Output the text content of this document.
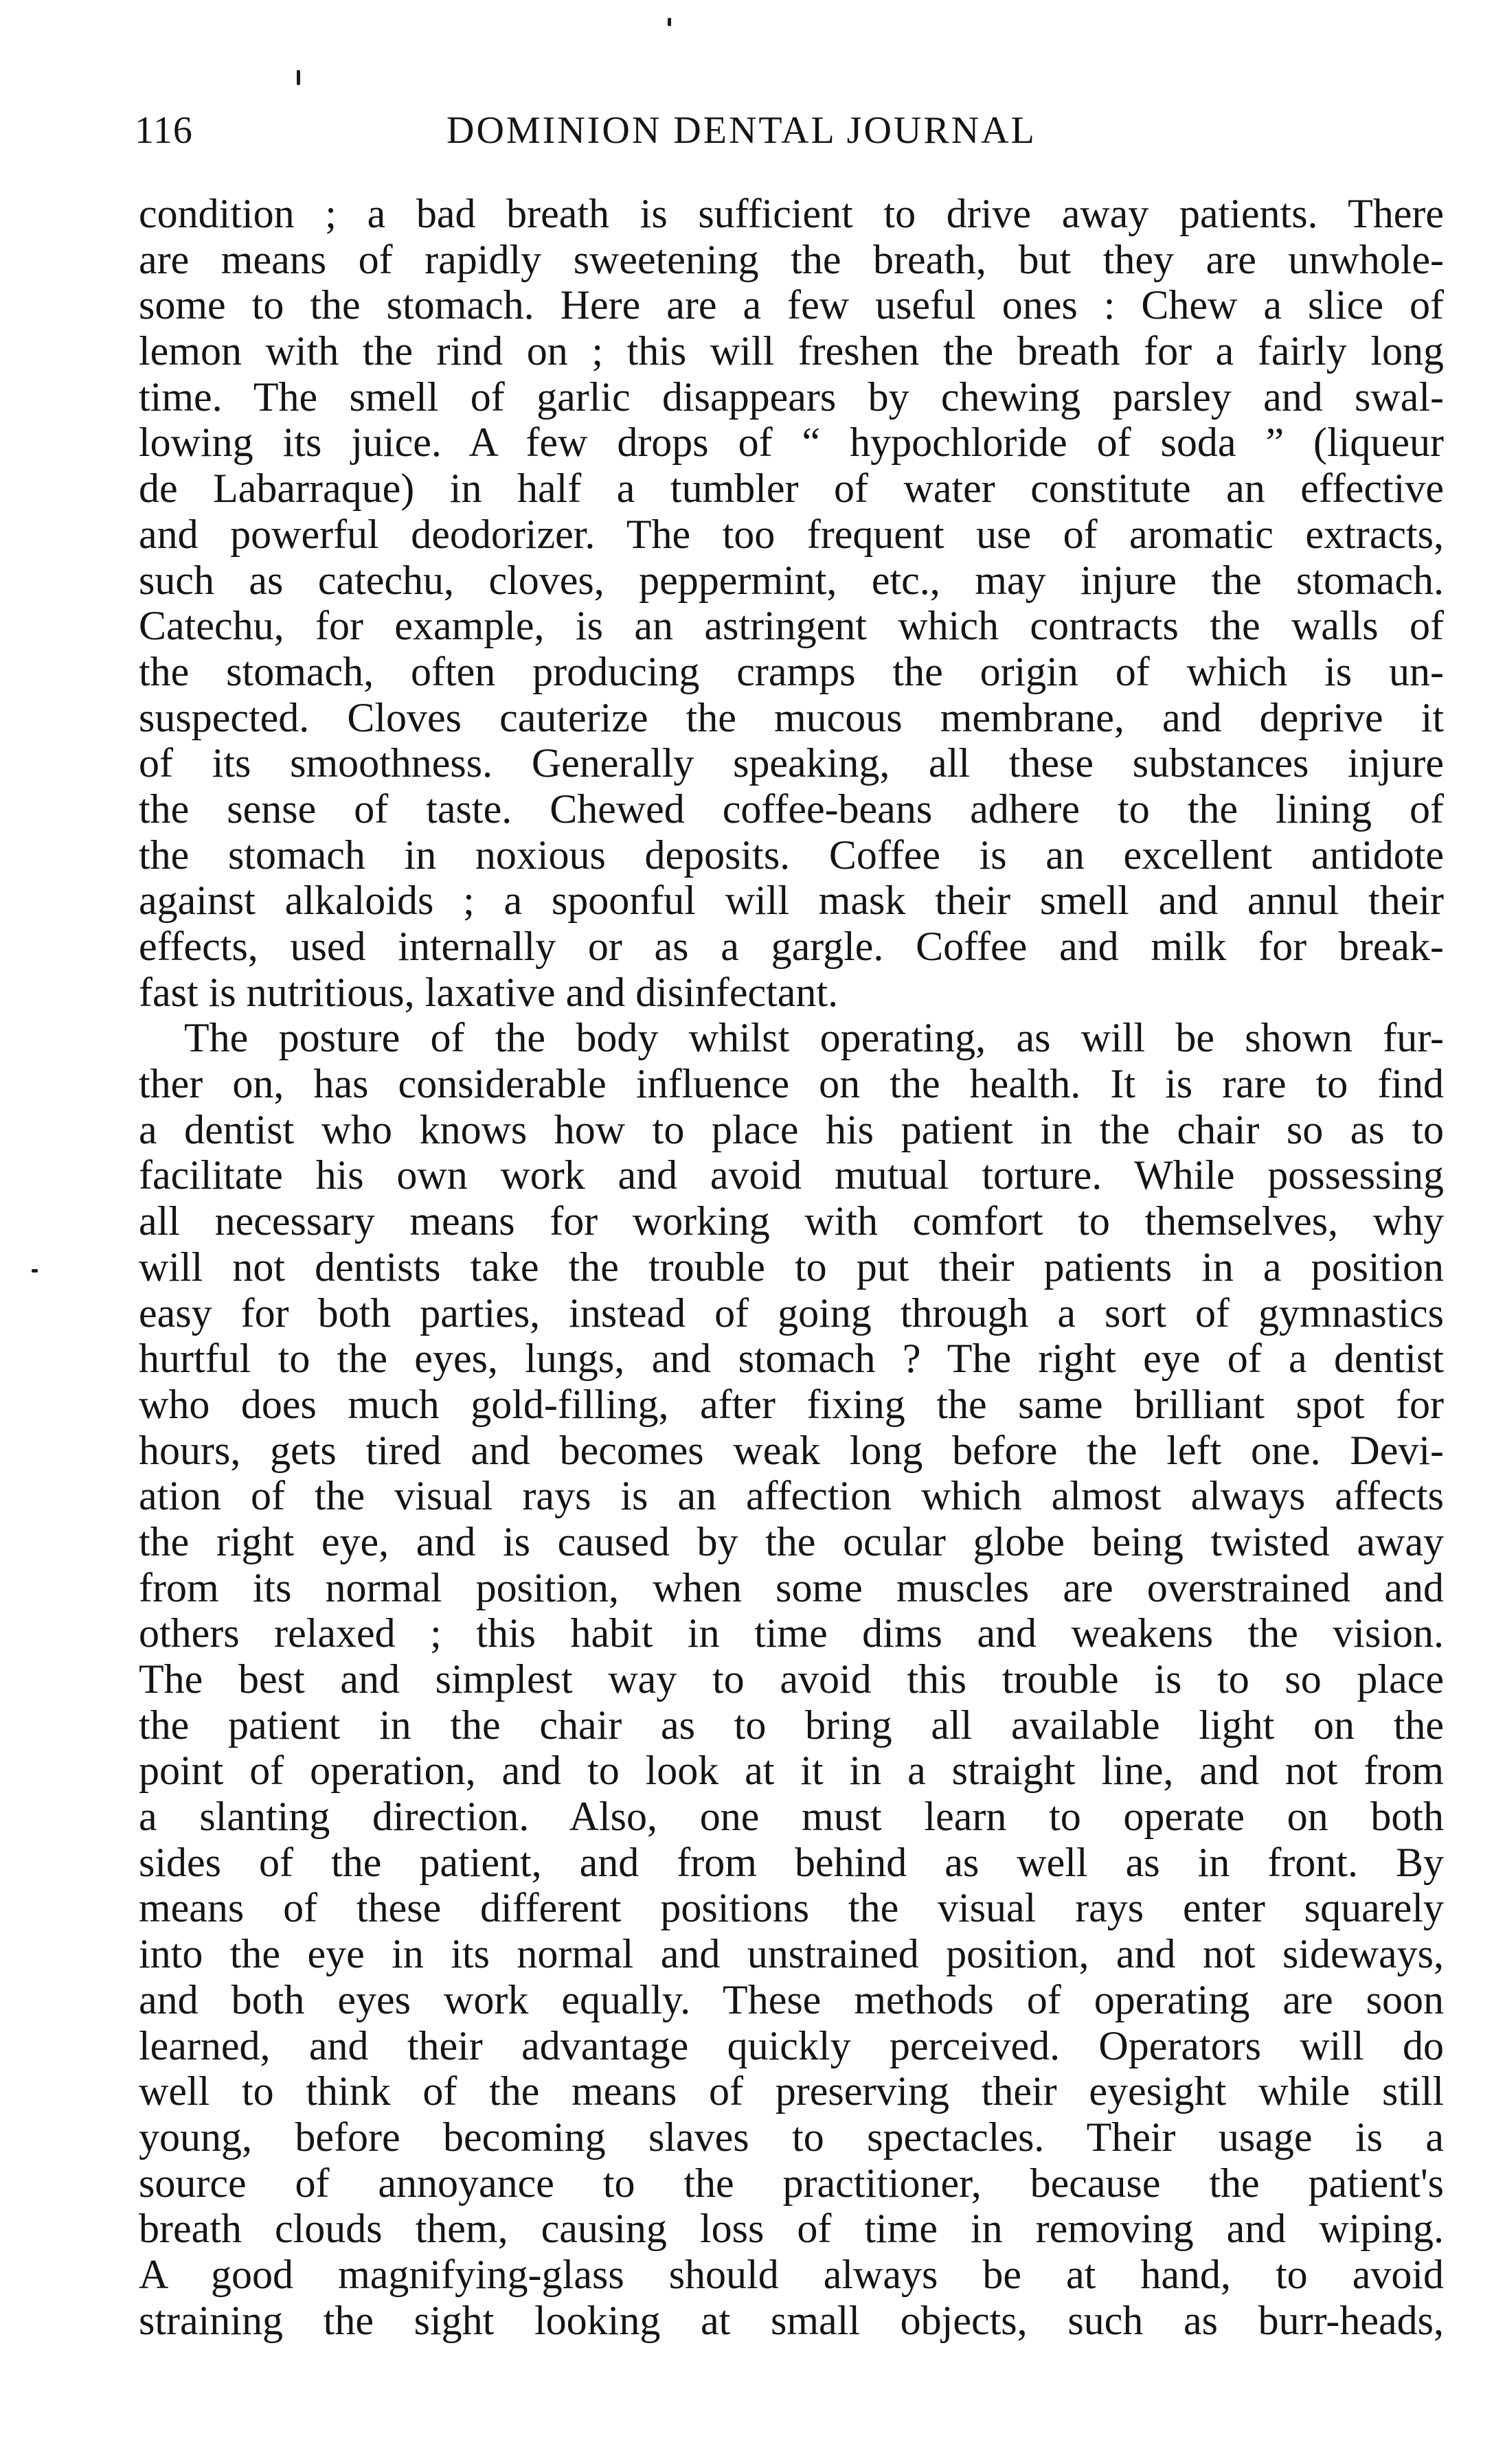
116	DOMINION DENTAL JOURNAL
condition ; a bad breath is sufficient to drive away patients. There
are means of rapidly sweetening the breath, but they are unwhole-
some to the stomach. Here are a few useful ones : Chew a slice of
lemon with the rind on ; this will freshen the breath for a fairly long
time. The smell of garlic disappears by chewing parsley and swal-
lowing its juice. A few drops of “ hypochloride of soda ” (liqueur
de Labarraque) in half a tumbler of water constitute an effective
and powerful deodorizer. The too frequent use of aromatic extracts,
such as catechu, cloves, peppermint, etc., may injure the stomach.
Catechu, for example, is an astringent which contracts the walls of
the stomach, often producing cramps the origin of which is un-
suspected. Cloves cauterize the mucous membrane, and deprive it
of its smoothness. Generally speaking, all these substances injure
the sense of taste. Chewed coffee-beans adhere to the lining of
the stomach in noxious deposits. Coffee is an excellent antidote
against alkaloids ; a spoonful will mask their smell and annul their
effects, used internally or as a gargle. Coffee and milk for break-
fast is nutritious, laxative and disinfectant.
The posture of the body whilst operating, as will be shown fur-
ther on, has considerable influence on the health. It is rare to find
a dentist who knows how to place his patient in the chair so as to
facilitate his own work and avoid mutual torture. While possessing
all necessary means for working with comfort to themselves, why
will not dentists take the trouble to put their patients in a position
easy for both parties, instead of going through a sort of gymnastics
hurtful to the eyes, lungs, and stomach ? The right eye of a dentist
who does much gold-filling, after fixing the same brilliant spot for
hours, gets tired and becomes weak long before the left one. Devi-
ation of the visual rays is an affection which almost always affects
the right eye, and is caused by the ocular globe being twisted away
from its normal position, when some muscles are overstrained and
others relaxed ; this habit in time dims and weakens the vision.
The best and simplest way to avoid this trouble is to so place
the patient in the chair as to bring all available light on the
point of operation, and to look at it in a straight line, and not from
a slanting direction. Also, one must learn to operate on both
sides of the patient, and from behind as well as in front. By
means of these different positions the visual rays enter squarely
into the eye in its normal and unstrained position, and not sideways,
and both eyes work equally. These methods of operating are soon
learned, and their advantage quickly perceived. Operators will do
well to think of the means of preserving their eyesight while still
young, before becoming slaves to spectacles. Their usage is a
source of annoyance to the practitioner, because the patient's
breath clouds them, causing loss of time in removing and wiping.
A good magnifying-glass should always be at hand, to avoid
straining the sight looking at small objects, such as burr-heads,
